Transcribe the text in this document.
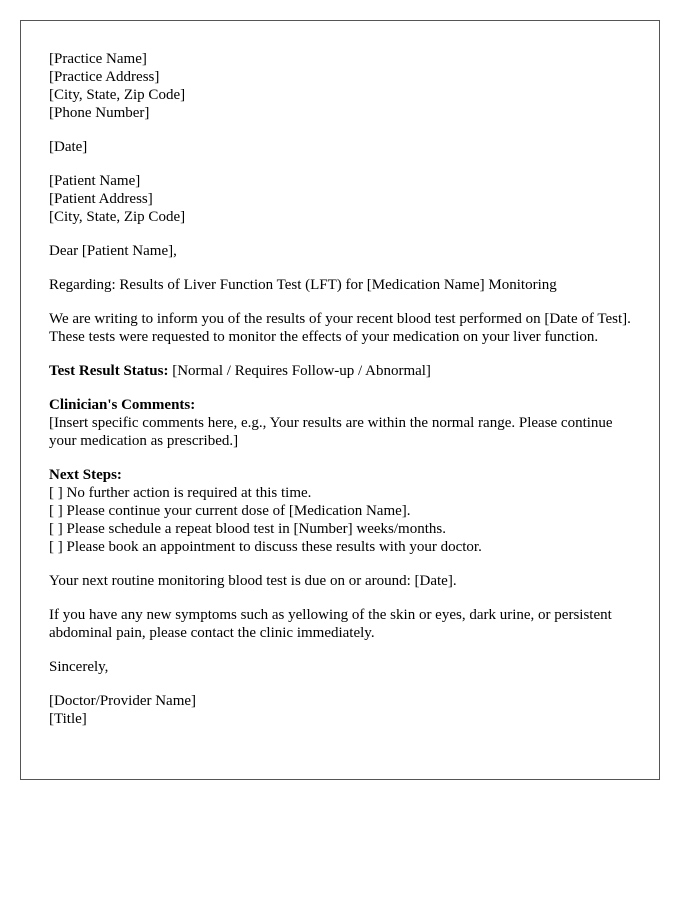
[Practice Name]
[Practice Address]
[City, State, Zip Code]
[Phone Number]
[Date]
[Patient Name]
[Patient Address]
[City, State, Zip Code]

Dear [Patient Name],

Regarding: Results of Liver Function Test (LFT) for [Medication Name] Monitoring

We are writing to inform you of the results of your recent blood test performed on [Date of Test]. These tests were requested to monitor the effects of your medication on your liver function.

Test Result Status: [Normal / Requires Follow-up / Abnormal]

Clinician's Comments:
[Insert specific comments here, e.g., Your results are within the normal range. Please continue your medication as prescribed.]
Next Steps:
[ ] No further action is required at this time.
[ ] Please continue your current dose of [Medication Name].
[ ] Please schedule a repeat blood test in [Number] weeks/months.
[ ] Please book an appointment to discuss these results with your doctor.

Your next routine monitoring blood test is due on or around: [Date].

If you have any new symptoms such as yellowing of the skin or eyes, dark urine, or persistent abdominal pain, please contact the clinic immediately.

Sincerely,

[Doctor/Provider Name]
[Title]
